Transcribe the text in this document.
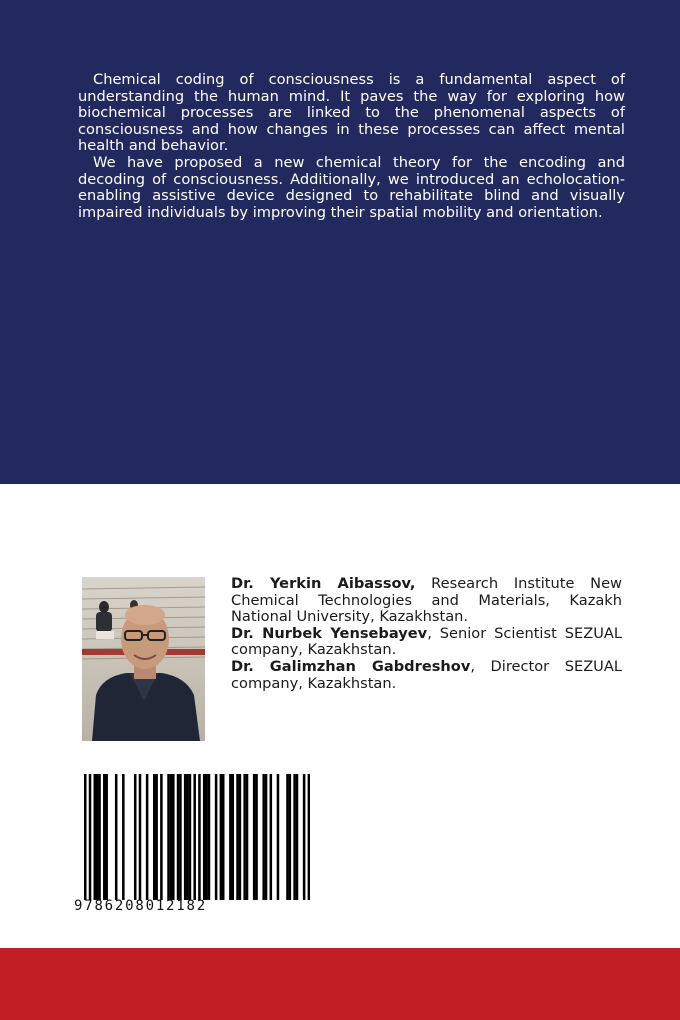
Chemical coding of consciousness is a fundamental aspect of understanding the human mind. It paves the way for exploring how biochemical processes are linked to the phenomenal aspects of consciousness and how changes in these processes can affect mental health and behavior.

We have proposed a new chemical theory for the encoding and decoding of consciousness. Additionally, we introduced an echolocation-enabling assistive device designed to rehabilitate blind and visually impaired individuals by improving their spatial mobility and orientation.

Dr. Yerkin Aibassov, Research Institute New Chemical Technologies and Materials, Kazakh National University, Kazakhstan.

Dr. Nurbek Yensebayev, Senior Scientist SEZUAL company, Kazakhstan.

Dr. Galimzhan Gabdreshov, Director SEZUAL company, Kazakhstan.

9786208012182
